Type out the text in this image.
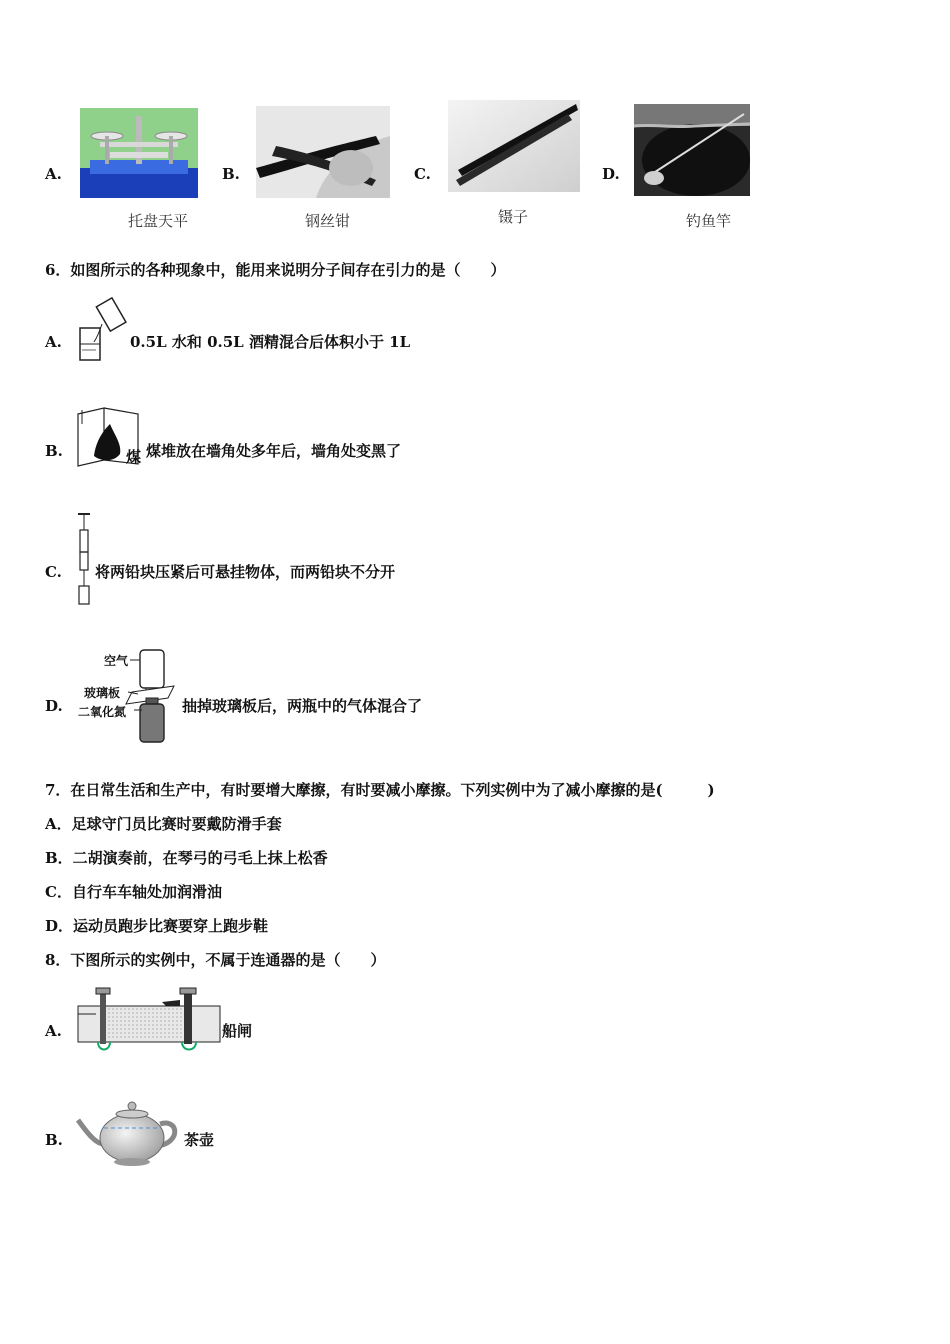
A.
托盘天平
B.
钢丝钳
C.
镊子
D.
钓鱼竿
6．如图所示的各种现象中，能用来说明分子间存在引力的是（　　）
A.	0.5L 水和 0.5L 酒精混合后体积小于 1L
B.	煤 煤堆放在墙角处多年后，墙角处变黑了
C. 将两铅块压紧后可悬挂物体，而两铅块不分开
D.
空气
玻璃板
二氧化氮	抽掉玻璃板后，两瓶中的气体混合了
7．在日常生活和生产中，有时要增大摩擦，有时要减小摩擦。下列实例中为了减小摩擦的是(　　　)
A．足球守门员比赛时要戴防滑手套
B．二胡演奏前，在琴弓的弓毛上抹上松香
C．自行车车轴处加润滑油
D．运动员跑步比赛要穿上跑步鞋
8．下图所示的实例中，不属于连通器的是（　　）
A.	船闸
B.	茶壶
